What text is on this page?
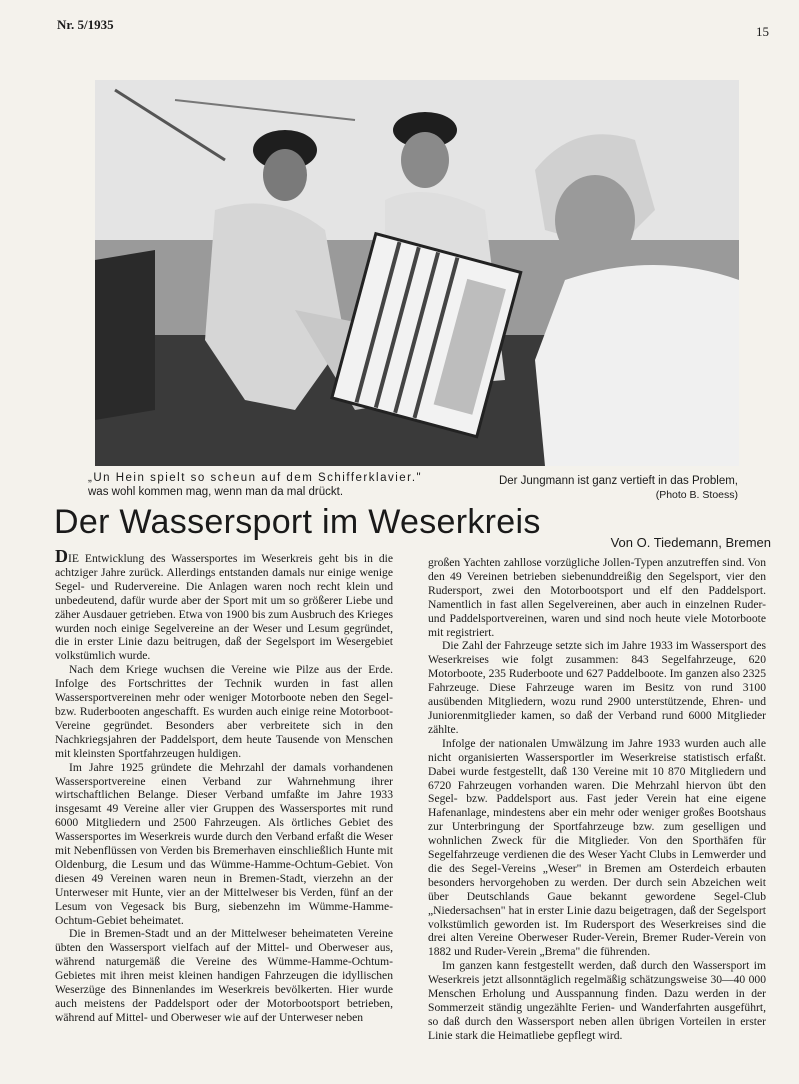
Nr. 5/1935	15
„Un Hein spielt so scheun auf dem Schifferklavier."
was wohl kommen mag, wenn man da mal drückt.
Der Jungmann ist ganz vertieft in das Problem,
(Photo B. Stoess)
Der Wassersport im Weserkreis
Von O. Tiedemann, Bremen

DIE Entwicklung des Wassersportes im Weserkreis geht bis in die achtziger Jahre zurück. Allerdings entstanden damals nur einige wenige Segel- und Rudervereine. Die Anlagen waren noch recht klein und unbedeutend, dafür wurde aber der Sport mit um so größerer Liebe und zäher Ausdauer getrieben. Etwa von 1900 bis zum Ausbruch des Krieges wurden noch einige Segelvereine an der Weser und Lesum gegründet, die in erster Linie dazu beitrugen, daß der Segelsport im Wesergebiet volkstümlich wurde.

Nach dem Kriege wuchsen die Vereine wie Pilze aus der Erde. Infolge des Fortschrittes der Technik wurden in fast allen Wassersportvereinen mehr oder weniger Motorboote neben den Segel- bzw. Ruderbooten angeschafft. Es wurden auch einige reine Motorboot-Vereine gegründet. Besonders aber verbreitete sich in den Nachkriegsjahren der Paddelsport, dem heute Tausende von Menschen mit kleinsten Sportfahrzeugen huldigen.

Im Jahre 1925 gründete die Mehrzahl der damals vorhandenen Wassersportvereine einen Verband zur Wahrnehmung ihrer wirtschaftlichen Belange. Dieser Verband umfaßte im Jahre 1933 insgesamt 49 Vereine aller vier Gruppen des Wassersportes mit rund 6000 Mitgliedern und 2500 Fahrzeugen. Als örtliches Gebiet des Wassersportes im Weserkreis wurde durch den Verband erfaßt die Weser mit Nebenflüssen von Verden bis Bremerhaven einschließlich Hunte mit Oldenburg, die Lesum und das Wümme-Hamme-Ochtum-Gebiet. Von diesen 49 Vereinen waren neun in Bremen-Stadt, vierzehn an der Unterweser mit Hunte, vier an der Mittelweser bis Verden, fünf an der Lesum von Vegesack bis Burg, siebenzehn im Wümme-Hamme-Ochtum-Gebiet beheimatet.

Die in Bremen-Stadt und an der Mittelweser beheimateten Vereine übten den Wassersport vielfach auf der Mittel- und Oberweser aus, während naturgemäß die Vereine des Wümme-Hamme-Ochtum-Gebietes mit ihren meist kleinen handigen Fahrzeugen die idyllischen Weserzüge des Binnenlandes im Weserkreis bevölkerten. Hier wurde auch meistens der Paddelsport oder der Motorbootsport betrieben, während auf Mittel- und Oberweser wie auf der Unterweser neben

großen Yachten zahllose vorzügliche Jollen-Typen anzutreffen sind. Von den 49 Vereinen betrieben siebenunddreißig den Segelsport, vier den Rudersport, zwei den Motorbootsport und elf den Paddelsport. Namentlich in fast allen Segelvereinen, aber auch in einzelnen Ruder- und Paddelsportvereinen, waren und sind noch heute viele Motorboote mit registriert.

Die Zahl der Fahrzeuge setzte sich im Jahre 1933 im Wassersport des Weserkreises wie folgt zusammen: 843 Segelfahrzeuge, 620 Motorboote, 235 Ruderboote und 627 Paddelboote. Im ganzen also 2325 Fahrzeuge. Diese Fahrzeuge waren im Besitz von rund 3100 ausübenden Mitgliedern, wozu rund 2900 unterstützende, Ehren- und Juniorenmitglieder kamen, so daß der Verband rund 6000 Mitglieder zählte.

Infolge der nationalen Umwälzung im Jahre 1933 wurden auch alle nicht organisierten Wassersportler im Weserkreise statistisch erfaßt. Dabei wurde festgestellt, daß 130 Vereine mit 10 870 Mitgliedern und 6720 Fahrzeugen vorhanden waren. Die Mehrzahl hiervon übt den Segel- bzw. Paddelsport aus. Fast jeder Verein hat eine eigene Hafenanlage, mindestens aber ein mehr oder weniger großes Bootshaus zur Unterbringung der Sportfahrzeuge bzw. zum geselligen und wohnlichen Zweck für die Mitglieder. Von den Sporthäfen für Segelfahrzeuge verdienen die des Weser Yacht Clubs in Lemwerder und die des Segel-Vereins „Weser" in Bremen am Osterdeich erbauten besonders hervorgehoben zu werden. Der durch sein Abzeichen weit über Deutschlands Gaue bekannt gewordene Segel-Club „Niedersachsen" hat in erster Linie dazu beigetragen, daß der Segelsport volkstümlich geworden ist. Im Rudersport des Weserkreises sind die drei alten Vereine Oberweser Ruder-Verein, Bremer Ruder-Verein von 1882 und Ruder-Verein „Brema" die führenden.

Im ganzen kann festgestellt werden, daß durch den Wassersport im Weserkreis jetzt allsonntäglich regelmäßig schätzungsweise 30—40 000 Menschen Erholung und Ausspannung finden. Dazu werden in der Sommerzeit ständig ungezählte Ferien- und Wanderfahrten ausgeführt, so daß durch den Wassersport neben allen übrigen Vorteilen in erster Linie stark die Heimatliebe gepflegt wird.
